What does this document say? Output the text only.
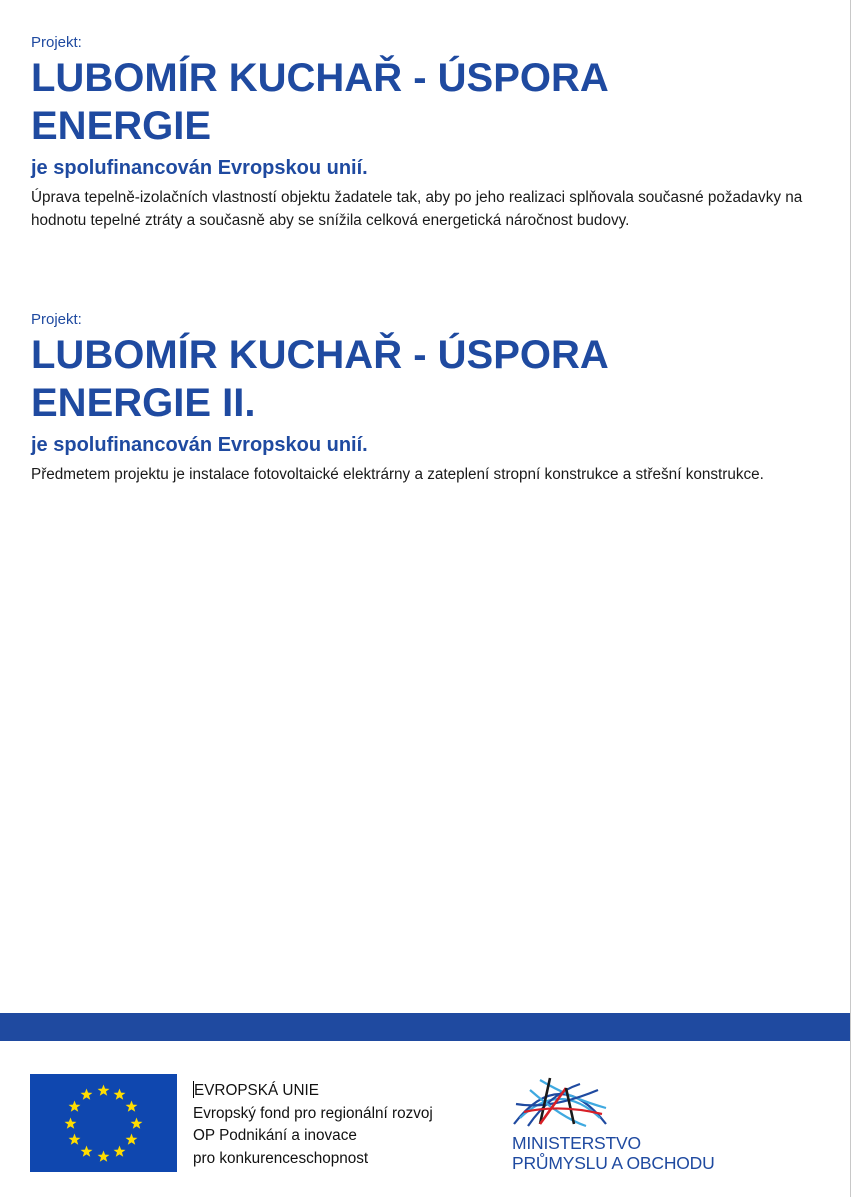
Projekt:

LUBOMÍR KUCHAŘ - ÚSPORA ENERGIE

je spolufinancován Evropskou unií.

Úprava tepelně-izolačních vlastností objektu žadatele tak, aby po jeho realizaci splňovala současné požadavky na hodnotu tepelné ztráty a současně aby se snížila celková energetická náročnost budovy.

Projekt:

LUBOMÍR KUCHAŘ - ÚSPORA ENERGIE II.

je spolufinancován Evropskou unií.

Předmetem projektu je instalace fotovoltaické elektrárny a zateplení stropní konstrukce a střešní konstrukce.

EVROPSKÁ UNIE
Evropský fond pro regionální rozvoj
OP Podnikání a inovace
pro konkurenceschopnost
MINISTERSTVO
PRŮMYSLU A OBCHODU
